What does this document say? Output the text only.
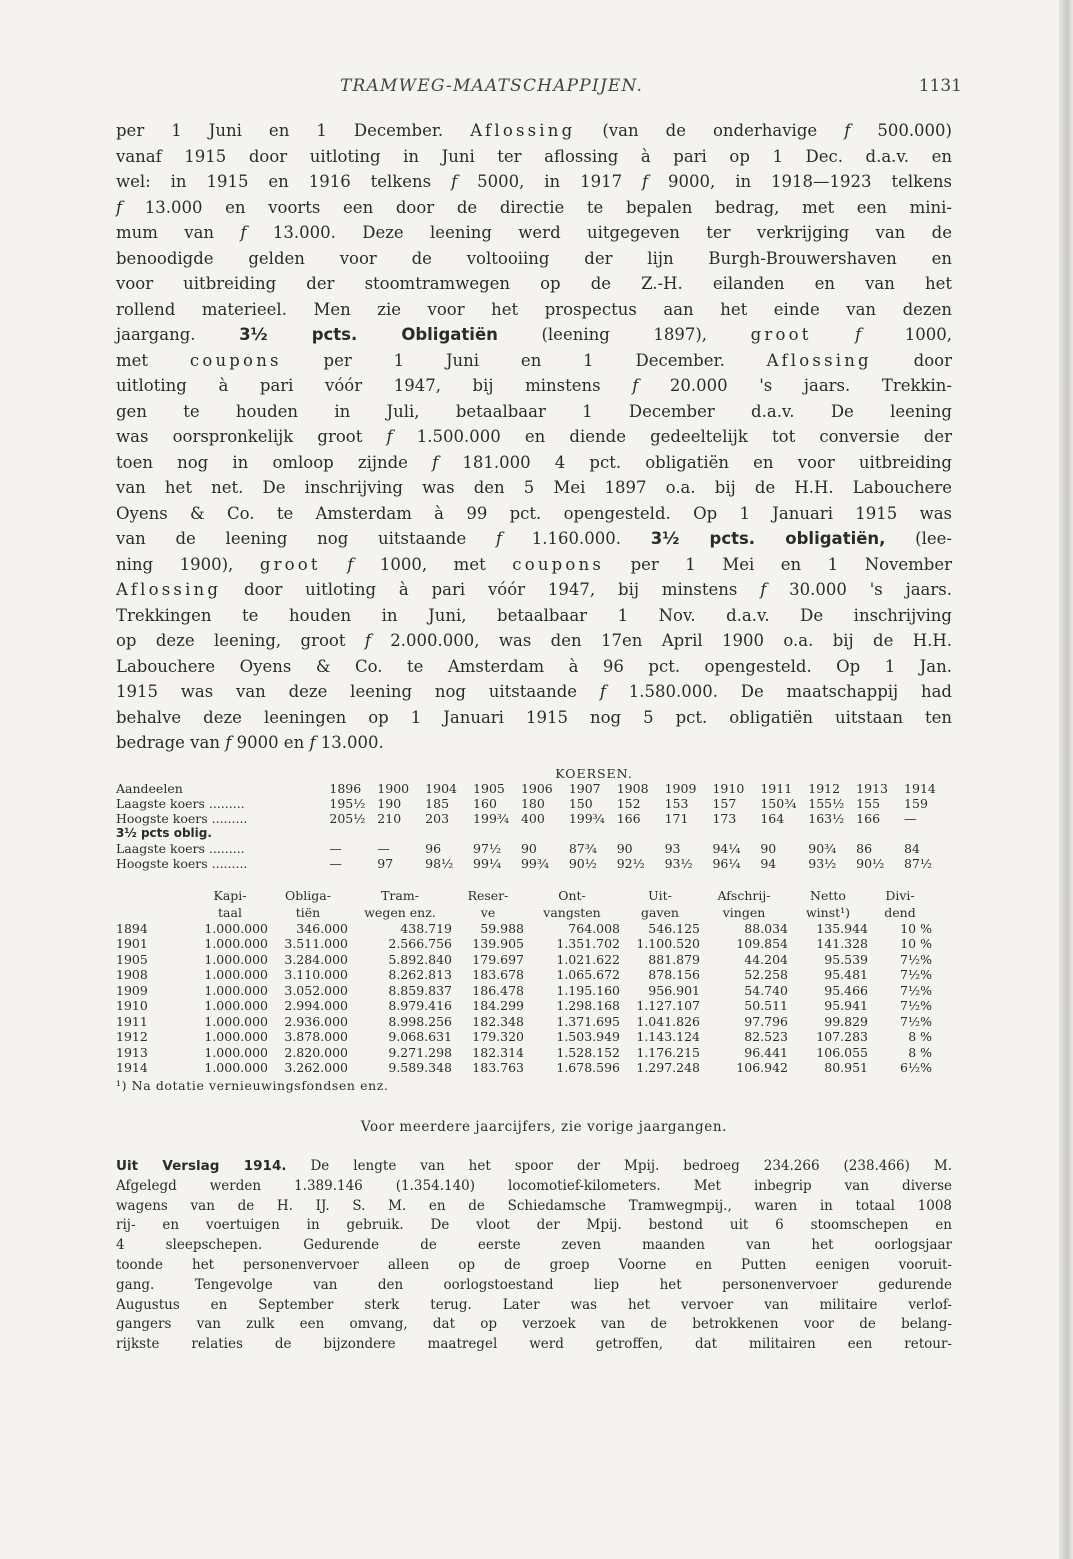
TRAMWEG-MAATSCHAPPIJEN.	1131
per 1 Juni en 1 December. Aflossing (van de onderhavige f 500.000)
vanaf 1915 door uitloting in Juni ter aflossing à pari op 1 Dec. d.a.v. en
wel: in 1915 en 1916 telkens f 5000, in 1917 f 9000, in 1918—1923 telkens
f 13.000 en voorts een door de directie te bepalen bedrag, met een mini-
mum van f 13.000. Deze leening werd uitgegeven ter verkrijging van de
benoodigde gelden voor de voltooiing der lijn Burgh-Brouwershaven en
voor uitbreiding der stoomtramwegen op de Z.-H. eilanden en van het
rollend materieel. Men zie voor het prospectus aan het einde van dezen
jaargang. 3½ pcts. Obligatiën (leening 1897), groot	f 1000,
met coupons per 1 Juni en 1 December. Aflossing door
uitloting à pari vóór 1947, bij minstens f 20.000 's jaars. Trekkin-
gen te houden in Juli, betaalbaar 1 December d.a.v. De leening
was oorspronkelijk groot f 1.500.000 en diende gedeeltelijk tot conversie der
toen nog in omloop zijnde f 181.000 4 pct. obligatiën en voor uitbreiding
van het net. De inschrijving was den 5 Mei 1897 o.a. bij de H.H. Labouchere
Oyens & Co. te Amsterdam à 99 pct. opengesteld. Op 1 Januari 1915 was
van de leening nog uitstaande f 1.160.000. 3½ pcts. obligatiën, (lee-
ning 1900), groot f 1000, met coupons per 1 Mei en 1 November
Aflossing door uitloting à pari vóór 1947, bij minstens f 30.000 's jaars.
Trekkingen te houden in Juni, betaalbaar 1 Nov. d.a.v. De inschrijving
op deze leening, groot f 2.000.000, was den 17en April 1900 o.a. bij de H.H.
Labouchere Oyens & Co. te Amsterdam à 96 pct. opengesteld. Op 1 Jan.
1915 was van deze leening nog uitstaande f 1.580.000. De maatschappij had
behalve deze leeningen op 1 Januari 1915 nog 5 pct. obligatiën uitstaan ten
bedrage van f 9000 en f 13.000.
KOERSEN.
Aandeelen	1896	1900	1904	1905	1906	1907	1908	1909	1910	1911	1912	1913	1914
Laagste koers .........	195½	190	185	160	180	150	152	153	157	150¾	155½	155	159
Hoogste koers .........	205½	210	203	199¾	400	199¾	166	171	173	164	163½	166	—
3½ pcts oblig.													
Laagste koers .........	—	—	96	97½	90	87¾	90	93	94¼	90	90¾	86	84
Hoogste koers .........	—	97	98½	99¼	99¾	90½	92½	93½	96¼	94	93½	90½	87½
	Kapi-	Obliga-	Tram-	Reser-	Ont-	Uit-	Afschrij-	Netto	Divi-
	taal	tiën	wegen enz.	ve	vangsten	gaven	vingen	winst¹)	dend
1894	1.000.000	346.000	438.719	59.988	764.008	546.125	88.034	135.944	10 %
1901	1.000.000	3.511.000	2.566.756	139.905	1.351.702	1.100.520	109.854	141.328	10 %
1905	1.000.000	3.284.000	5.892.840	179.697	1.021.622	881.879	44.204	95.539	7½%
1908	1.000.000	3.110.000	8.262.813	183.678	1.065.672	878.156	52.258	95.481	7½%
1909	1.000.000	3.052.000	8.859.837	186.478	1.195.160	956.901	54.740	95.466	7½%
1910	1.000.000	2.994.000	8.979.416	184.299	1.298.168	1.127.107	50.511	95.941	7½%
1911	1.000.000	2.936.000	8.998.256	182.348	1.371.695	1.041.826	97.796	99.829	7½%
1912	1.000.000	3.878.000	9.068.631	179.320	1.503.949	1.143.124	82.523	107.283	8 %
1913	1.000.000	2.820.000	9.271.298	182.314	1.528.152	1.176.215	96.441	106.055	8 %
1914	1.000.000	3.262.000	9.589.348	183.763	1.678.596	1.297.248	106.942	80.951	6½%
¹) Na dotatie vernieuwingsfondsen enz.
Voor meerdere jaarcijfers, zie vorige jaargangen.
Uit Verslag 1914. De lengte van het spoor der Mpij. bedroeg 234.266 (238.466) M.
Afgelegd werden 1.389.146 (1.354.140) locomotief-kilometers. Met inbegrip van diverse
wagens van de H. IJ. S. M. en de Schiedamsche Tramwegmpij., waren in totaal 1008
rij- en voertuigen in gebruik. De vloot der Mpij. bestond uit 6 stoomschepen en
4 sleepschepen. Gedurende de eerste zeven maanden van het oorlogsjaar
toonde het personenvervoer alleen op de groep Voorne en Putten eenigen vooruit-
gang. Tengevolge van den oorlogstoestand liep het personenvervoer gedurende
Augustus en September sterk terug. Later was het vervoer van militaire verlof-
gangers van zulk een omvang, dat op verzoek van de betrokkenen voor de belang-
rijkste relaties de bijzondere maatregel werd getroffen, dat militairen een retour-
